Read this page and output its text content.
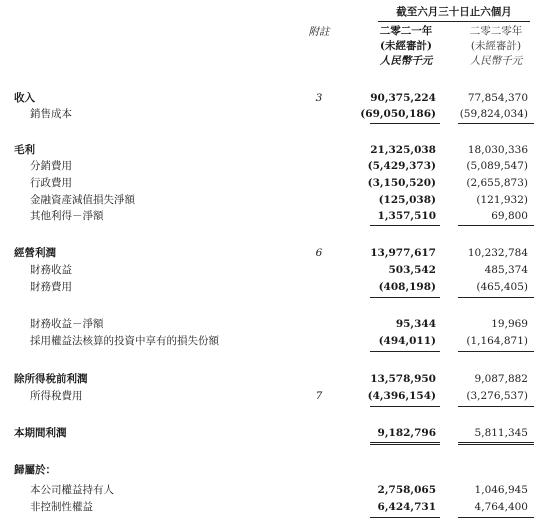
截至六月三十日止六個月
附註	二零二一年	二零二零年
(未經審計)	(未經審計)
人民幣千元	人民幣千元
收入	3	90,375,224	77,854,370
銷售成本	(69,050,186) (59,824,034)
毛利	21,325,038	18,030,336
分銷費用	(5,429,373)	(5,089,547)
行政費用	(3,150,520)	(2,655,873)
金融資產減值損失淨額	(125,038)	(121,932)
其他利得－淨額	1,357,510	69,800
經營利潤	6	13,977,617	10,232,784
財務收益	503,542	485,374
財務費用	(408,198)	(465,405)
財務收益－淨額	95,344	19,969
採用權益法核算的投資中享有的損失份額	(494,011)	(1,164,871)
除所得稅前利潤	13,578,950	9,087,882
所得稅費用	7	(4,396,154)	(3,276,537)
本期間利潤	9,182,796	5,811,345
歸屬於：
本公司權益持有人	2,758,065	1,046,945
非控制性權益	6,424,731	4,764,400
